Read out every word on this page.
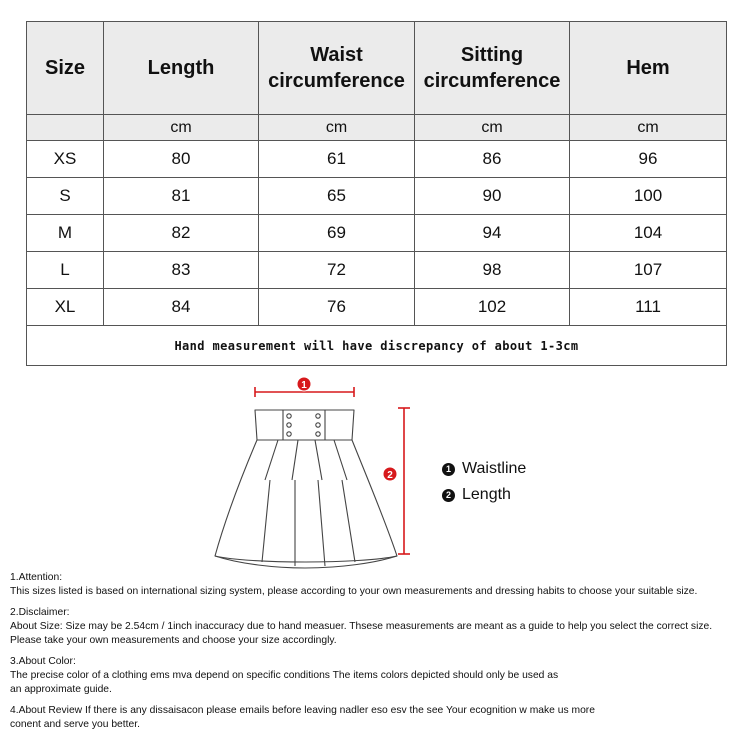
Size	Length	Waist circumference	Sitting circumference	Hem
	cm	cm	cm	cm
XS	80	61	86	96
S	81	65	90	100
M	82	69	94	104
L	83	72	98	107
XL	84	76	102	111
Hand measurement will have discrepancy of about 1-3cm				
1
2
1 Waistline
2 Length
1.Attention:
This sizes listed is based on international sizing system, please according to your own measurements and dressing habits to choose your suitable size.
2.Disclaimer:
About Size: Size may be 2.54cm / 1inch inaccuracy due to hand measuer. Thsese measurements are meant as a guide to help you select the correct size.
Please take your own measurements and choose your size accordingly.
3.About Color:
The precise color of a clothing ems mva depend on specific conditions The items colors depicted should only be used as
an approximate guide.
4.About Review If there is any dissaisacon please emails before leaving nadler eso esv the see Your ecognition w make us more
conent and serve you better.
